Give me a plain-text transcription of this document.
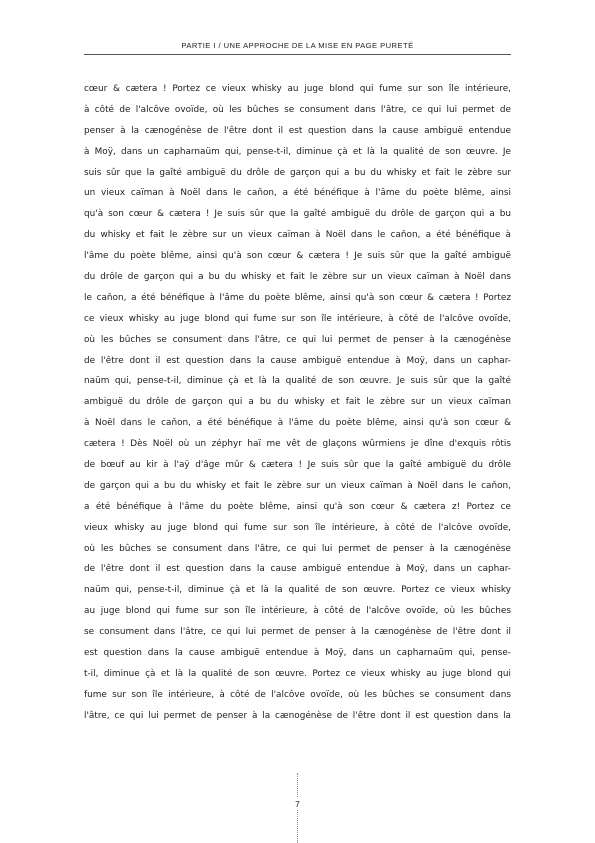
PARTIE I / UNE APPROCHE DE LA MISE EN PAGE PURETÉ
cœur & cætera ! Portez ce vieux whisky au juge blond qui fume sur son île intérieure,
à côté de l'alcôve ovoïde, où les bûches se consument dans l'âtre, ce qui lui permet de
penser à la cænogénèse de l'être dont il est question dans la cause ambiguë entendue
à Moÿ, dans un capharnaüm qui, pense-t-il, diminue çà et là la qualité de son œuvre. Je
suis sûr que la gaîté ambiguë du drôle de garçon qui a bu du whisky et fait le zèbre sur
un vieux caïman à Noël dans le caňon, a été bénéfique à l'âme du poète blême, ainsi
qu'à son cœur & cætera ! Je suis sûr que la gaîté ambiguë du drôle de garçon qui a bu
du whisky et fait le zèbre sur un vieux caïman à Noël dans le caňon, a été bénéfique à
l'âme du poète blême, ainsi qu'à son cœur & cætera ! Je suis sûr que la gaîté ambiguë
du drôle de garçon qui a bu du whisky et fait le zèbre sur un vieux caïman à Noël dans
le caňon, a été bénéfique à l'âme du poète blême, ainsi qu'à son cœur & cætera ! Portez
ce vieux whisky au juge blond qui fume sur son île intérieure, à côté de l'alcôve ovoïde,
où les bûches se consument dans l'âtre, ce qui lui permet de penser à la cænogénèse
de l'être dont il est question dans la cause ambiguë entendue à Moÿ, dans un caphar-
naüm qui, pense-t-il, diminue çà et là la qualité de son œuvre. Je suis sûr que la gaîté
ambiguë du drôle de garçon qui a bu du whisky et fait le zèbre sur un vieux caïman
à Noël dans le caňon, a été bénéfique à l'âme du poète blême, ainsi qu'à son cœur &
cætera ! Dès Noël où un zéphyr haï me vêt de glaçons wûrmiens je dîne d'exquis rôtis
de bœuf au kir à l'aÿ d'âge mûr & cætera ! Je suis sûr que la gaîté ambiguë du drôle
de garçon qui a bu du whisky et fait le zèbre sur un vieux caïman à Noël dans le caňon,
a été bénéfique à l'âme du poète blême, ainsi qu'à son cœur & cætera z! Portez ce
vieux whisky au juge blond qui fume sur son île intérieure, à côté de l'alcôve ovoïde,
où les bûches se consument dans l'âtre, ce qui lui permet de penser à la cænogénèse
de l'être dont il est question dans la cause ambiguë entendue à Moÿ, dans un caphar-
naüm qui, pense-t-il, diminue çà et là la qualité de son œuvre. Portez ce vieux whisky
au juge blond qui fume sur son île intérieure, à côté de l'alcôve ovoïde, où les bûches
se consument dans l'âtre, ce qui lui permet de penser à la cænogénèse de l'être dont il
est question dans la cause ambiguë entendue à Moÿ, dans un capharnaüm qui, pense-
t-il, diminue çà et là la qualité de son œuvre. Portez ce vieux whisky au juge blond qui
fume sur son île intérieure, à côté de l'alcôve ovoïde, où les bûches se consument dans
l'âtre, ce qui lui permet de penser à la cænogénèse de l'être dont il est question dans la
7
